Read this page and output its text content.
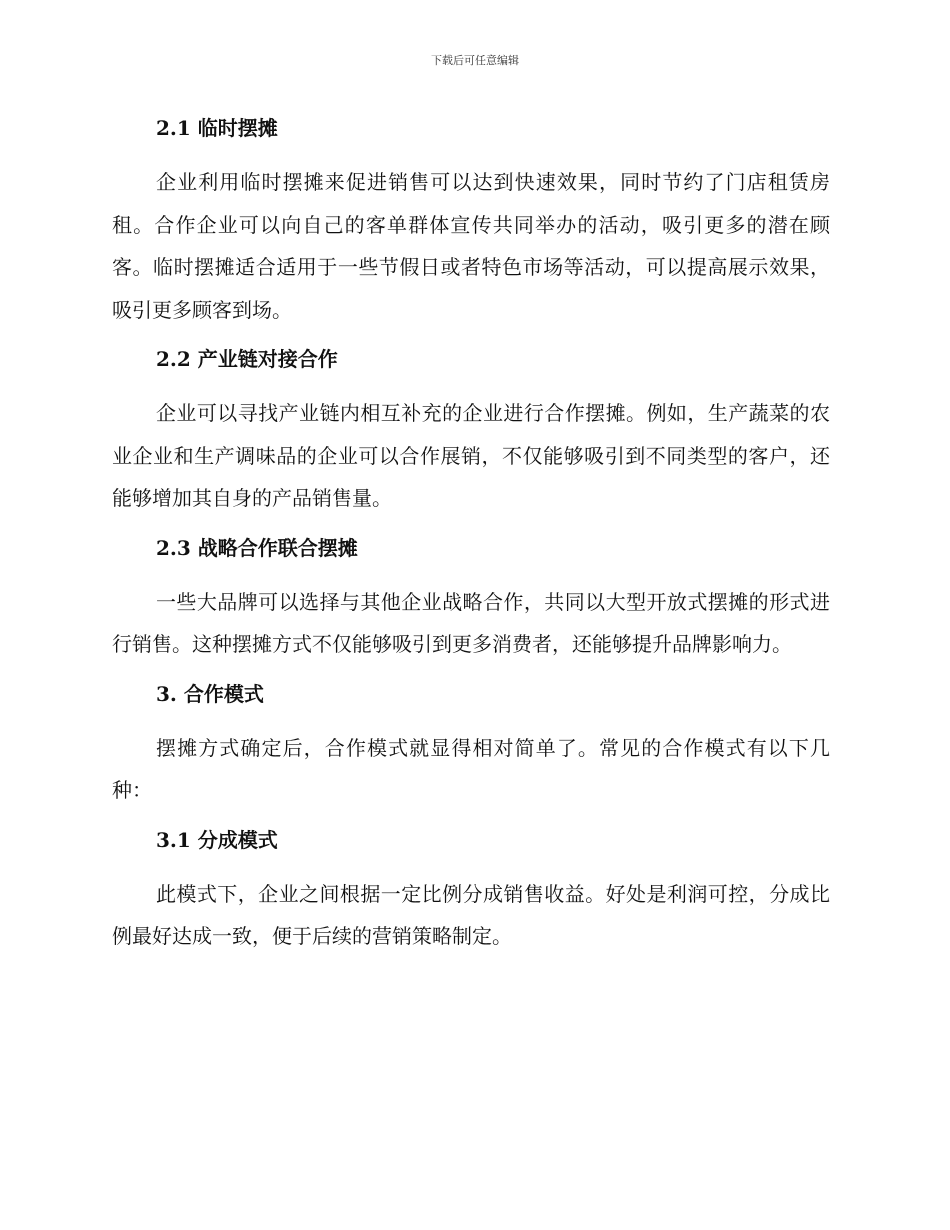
下载后可任意编辑
2.1 临时摆摊

企业利用临时摆摊来促进销售可以达到快速效果，同时节约了门店租赁房租。合作企业可以向自己的客单群体宣传共同举办的活动，吸引更多的潜在顾客。临时摆摊适合适用于一些节假日或者特色市场等活动，可以提高展示效果，吸引更多顾客到场。

2.2 产业链对接合作

企业可以寻找产业链内相互补充的企业进行合作摆摊。例如，生产蔬菜的农业企业和生产调味品的企业可以合作展销，不仅能够吸引到不同类型的客户，还能够增加其自身的产品销售量。

2.3 战略合作联合摆摊

一些大品牌可以选择与其他企业战略合作，共同以大型开放式摆摊的形式进行销售。这种摆摊方式不仅能够吸引到更多消费者，还能够提升品牌影响力。

3. 合作模式

摆摊方式确定后，合作模式就显得相对简单了。常见的合作模式有以下几种：

3.1 分成模式

此模式下，企业之间根据一定比例分成销售收益。好处是利润可控，分成比例最好达成一致，便于后续的营销策略制定。
